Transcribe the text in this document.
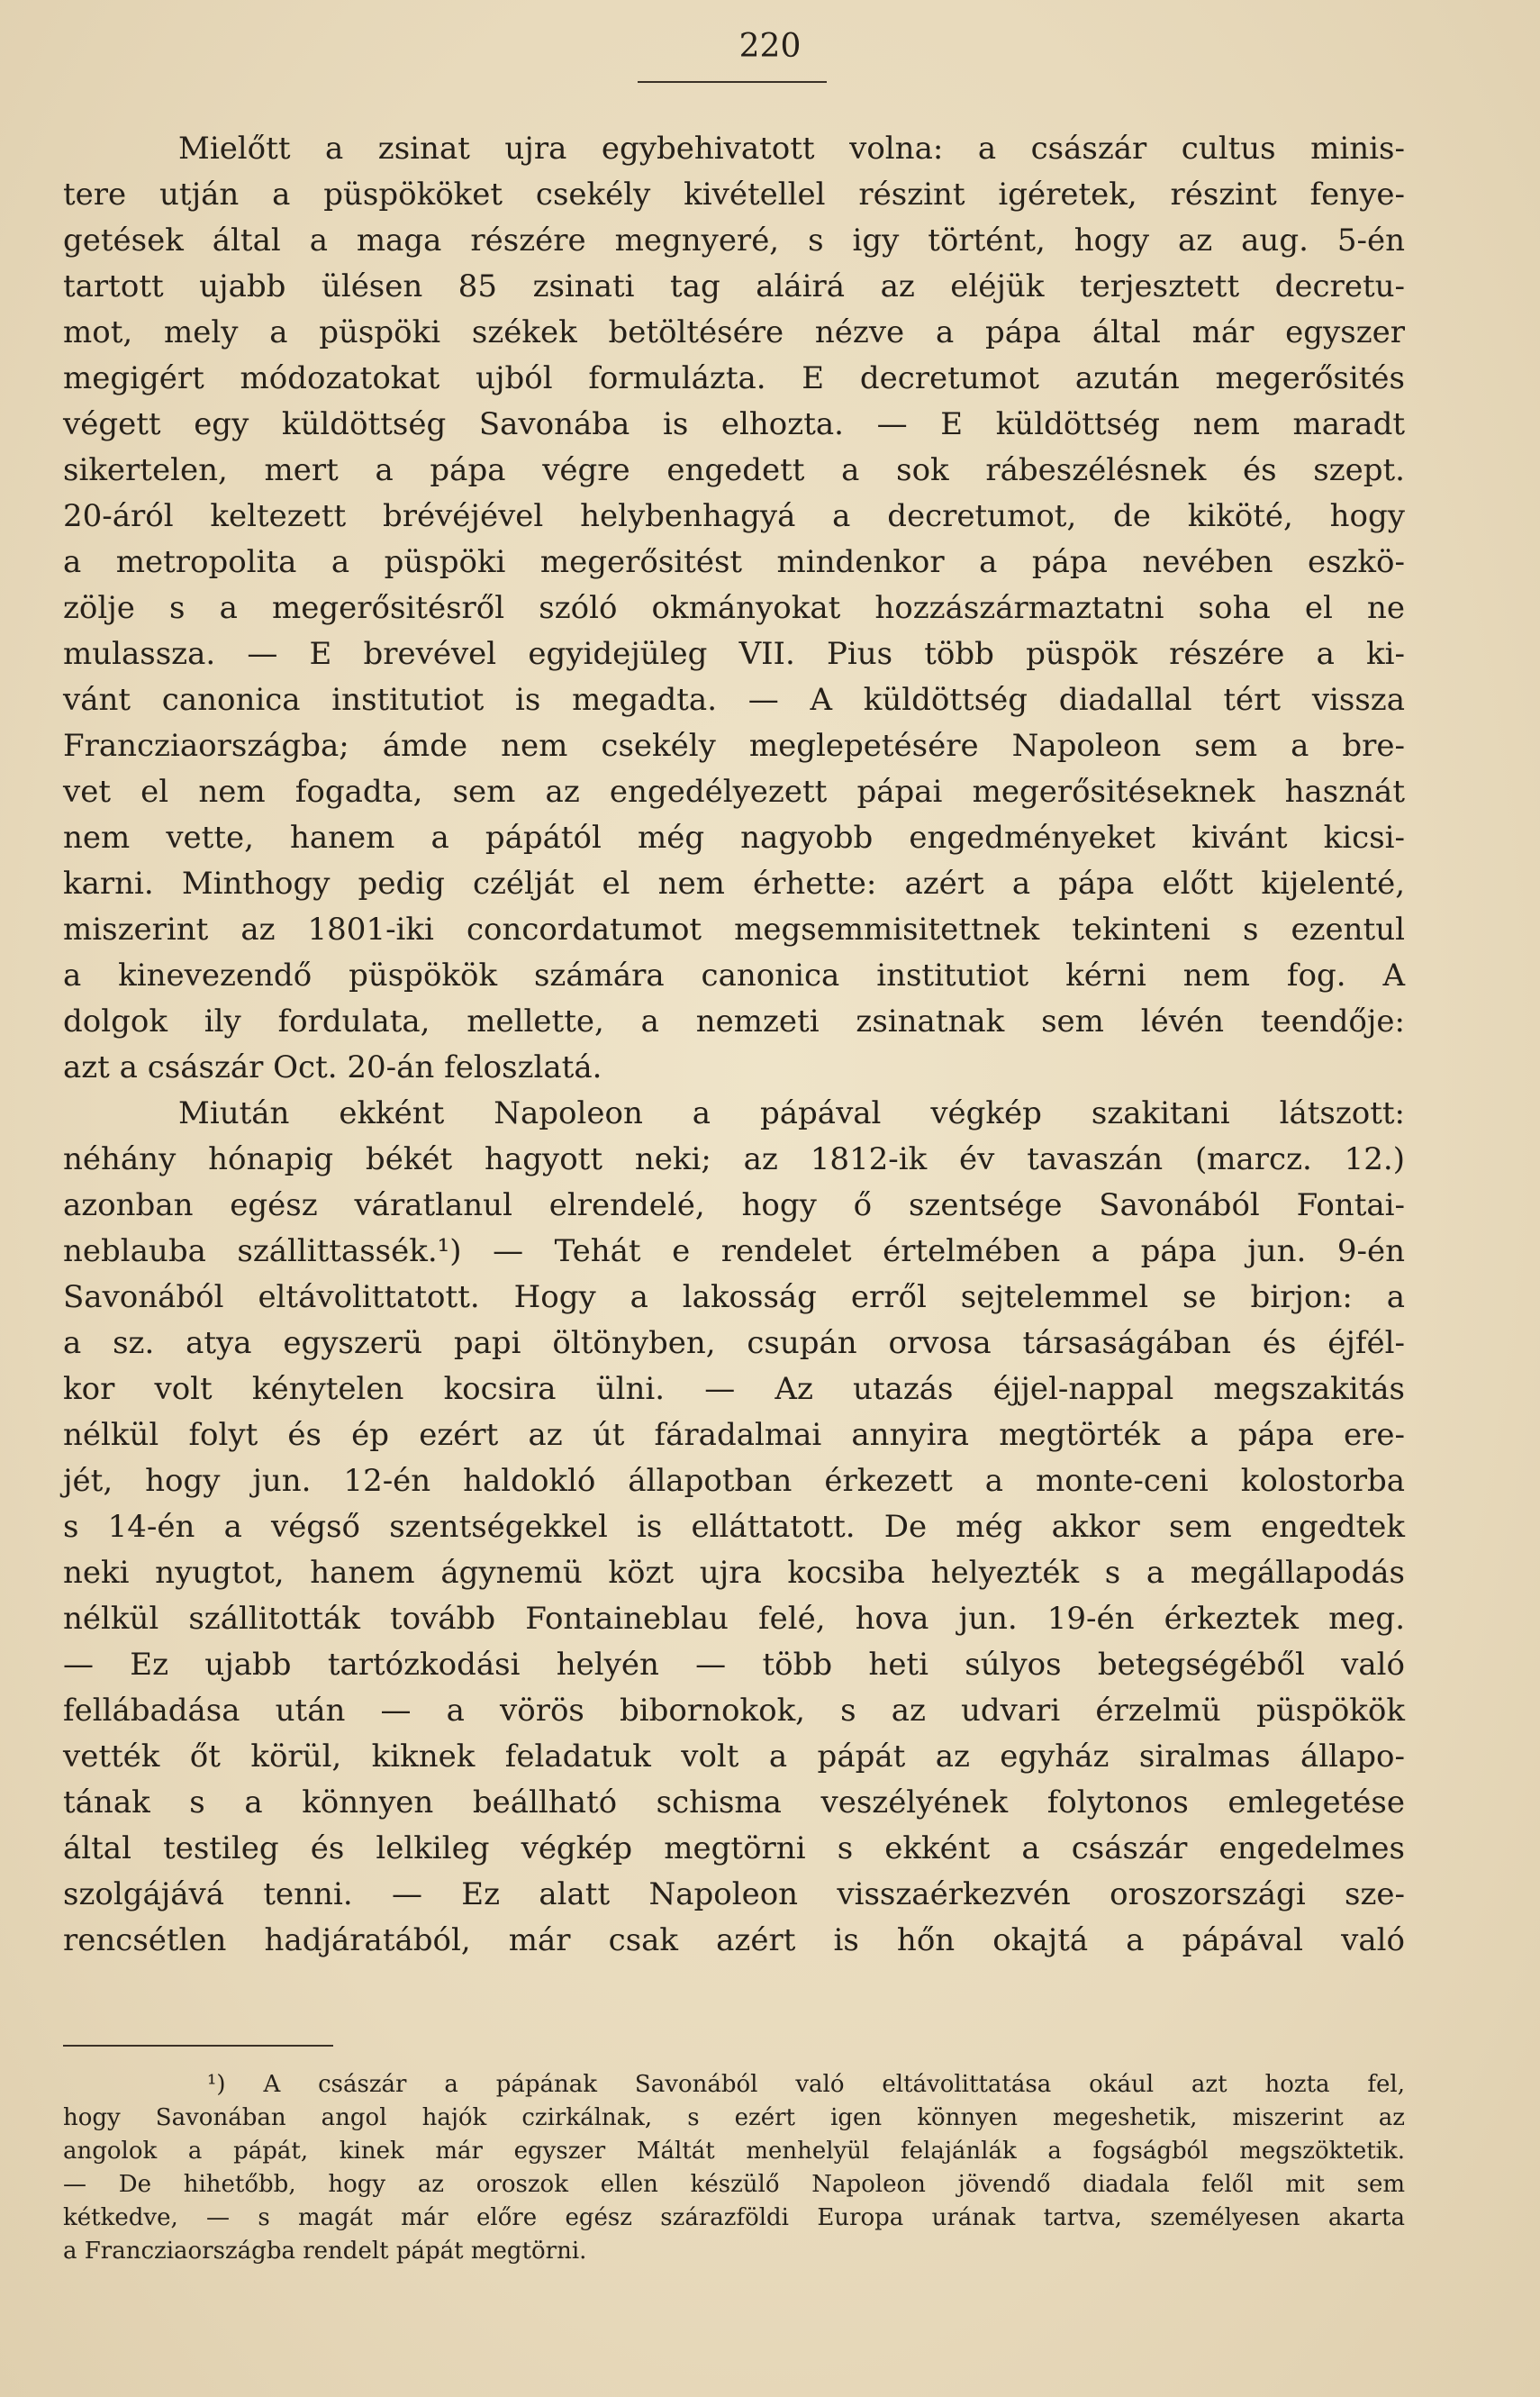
220
Mielőtt a zsinat ujra egybehivatott volna: a császár cultus minis-
tere utján a püspököket csekély kivétellel részint igéretek, részint fenye-
getések által a maga részére megnyeré, s igy történt, hogy az aug. 5-én
tartott ujabb ülésen 85 zsinati tag aláirá az eléjük terjesztett decretu-
mot, mely a püspöki székek betöltésére nézve a pápa által már egyszer
megigért módozatokat ujból formulázta. E decretumot azután megerősités
végett egy küldöttség Savonába is elhozta. — E küldöttség nem maradt
sikertelen, mert a pápa végre engedett a sok rábeszélésnek és szept.
20-áról keltezett brévéjével helybenhagyá a decretumot, de kiköté, hogy
a metropolita a püspöki megerősitést mindenkor a pápa nevében eszkö-
zölje s a megerősitésről szóló okmányokat hozzászármaztatni soha el ne
mulassza. — E brevével egyidejüleg VII. Pius több püspök részére a ki-
vánt canonica institutiot is megadta. — A küldöttség diadallal tért vissza
Francziaországba; ámde nem csekély meglepetésére Napoleon sem a bre-
vet el nem fogadta, sem az engedélyezett pápai megerősitéseknek hasznát
nem vette, hanem a pápától még nagyobb engedményeket kivánt kicsi-
karni. Minthogy pedig czélját el nem érhette: azért a pápa előtt kijelenté,
miszerint az 1801-iki concordatumot megsemmisitettnek tekinteni s ezentul
a kinevezendő püspökök számára canonica institutiot kérni nem fog. A
dolgok ily fordulata, mellette, a nemzeti zsinatnak sem lévén teendője:
azt a császár Oct. 20-án feloszlatá.
Miután ekként Napoleon a pápával végkép szakitani látszott:
néhány hónapig békét hagyott neki; az 1812-ik év tavaszán (marcz. 12.)
azonban egész váratlanul elrendelé, hogy ő szentsége Savonából Fontai-
neblauba szállittassék.¹) — Tehát e rendelet értelmében a pápa jun. 9-én
Savonából eltávolittatott. Hogy a lakosság erről sejtelemmel se birjon: a
a sz. atya egyszerü papi öltönyben, csupán orvosa társaságában és éjfél-
kor volt kénytelen kocsira ülni. — Az utazás éjjel-nappal megszakitás
nélkül folyt és ép ezért az út fáradalmai annyira megtörték a pápa ere-
jét, hogy jun. 12-én haldokló állapotban érkezett a monte-ceni kolostorba
s 14-én a végső szentségekkel is elláttatott. De még akkor sem engedtek
neki nyugtot, hanem ágynemü közt ujra kocsiba helyezték s a megállapodás
nélkül szállitották tovább Fontaineblau felé, hova jun. 19-én érkeztek meg.
— Ez ujabb tartózkodási helyén — több heti súlyos betegségéből való
fellábadása után — a vörös bibornokok, s az udvari érzelmü püspökök
vették őt körül, kiknek feladatuk volt a pápát az egyház siralmas állapo-
tának s a könnyen beállható schisma veszélyének folytonos emlegetése
által testileg és lelkileg végkép megtörni s ekként a császár engedelmes
szolgájává tenni. — Ez alatt Napoleon visszaérkezvén oroszországi sze-
rencsétlen hadjáratából, már csak azért is hőn okajtá a pápával való
¹) A császár a pápának Savonából való eltávolittatása okául azt hozta fel,
hogy Savonában angol hajók czirkálnak, s ezért igen könnyen megeshetik, miszerint az
angolok a pápát, kinek már egyszer Máltát menhelyül felajánlák a fogságból megszöktetik.
— De hihetőbb, hogy az oroszok ellen készülő Napoleon jövendő diadala felől mit sem
kétkedve, — s magát már előre egész szárazföldi Europa urának tartva, személyesen akarta
a Francziaországba rendelt pápát megtörni.
